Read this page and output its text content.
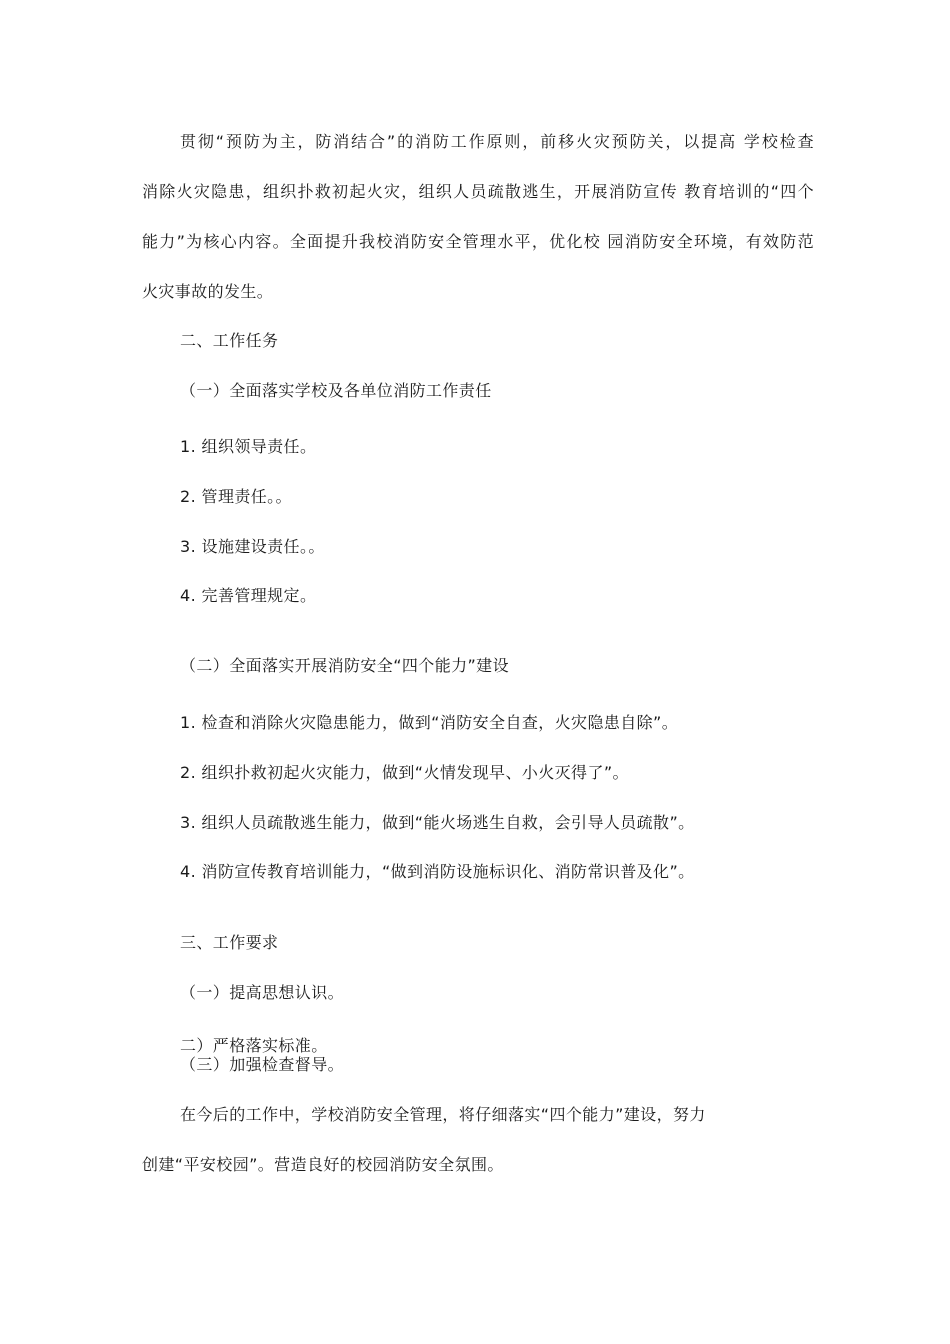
贯彻“预防为主，防消结合”的消防工作原则，前移火灾预防关，以提高 学校检查
消除火灾隐患，组织扑救初起火灾，组织人员疏散逃生，开展消防宣传 教育培训的“四个
能力”为核心内容。全面提升我校消防安全管理水平，优化校 园消防安全环境，有效防范
火灾事故的发生。
二、工作任务
（一）全面落实学校及各单位消防工作责任
1. 组织领导责任。
2. 管理责任。。
3. 设施建设责任。。
4. 完善管理规定。
（二）全面落实开展消防安全“四个能力”建设
1. 检查和消除火灾隐患能力，做到“消防安全自查，火灾隐患自除”。
2. 组织扑救初起火灾能力，做到“火情发现早、小火灭得了”。
3. 组织人员疏散逃生能力，做到“能火场逃生自救，会引导人员疏散”。
4. 消防宣传教育培训能力，“做到消防设施标识化、消防常识普及化”。
三、工作要求
（一）提高思想认识。
二）严格落实标准。
（三）加强检查督导。
在今后的工作中，学校消防安全管理，将仔细落实“四个能力”建设，努力
创建“平安校园”。营造良好的校园消防安全氛围。
